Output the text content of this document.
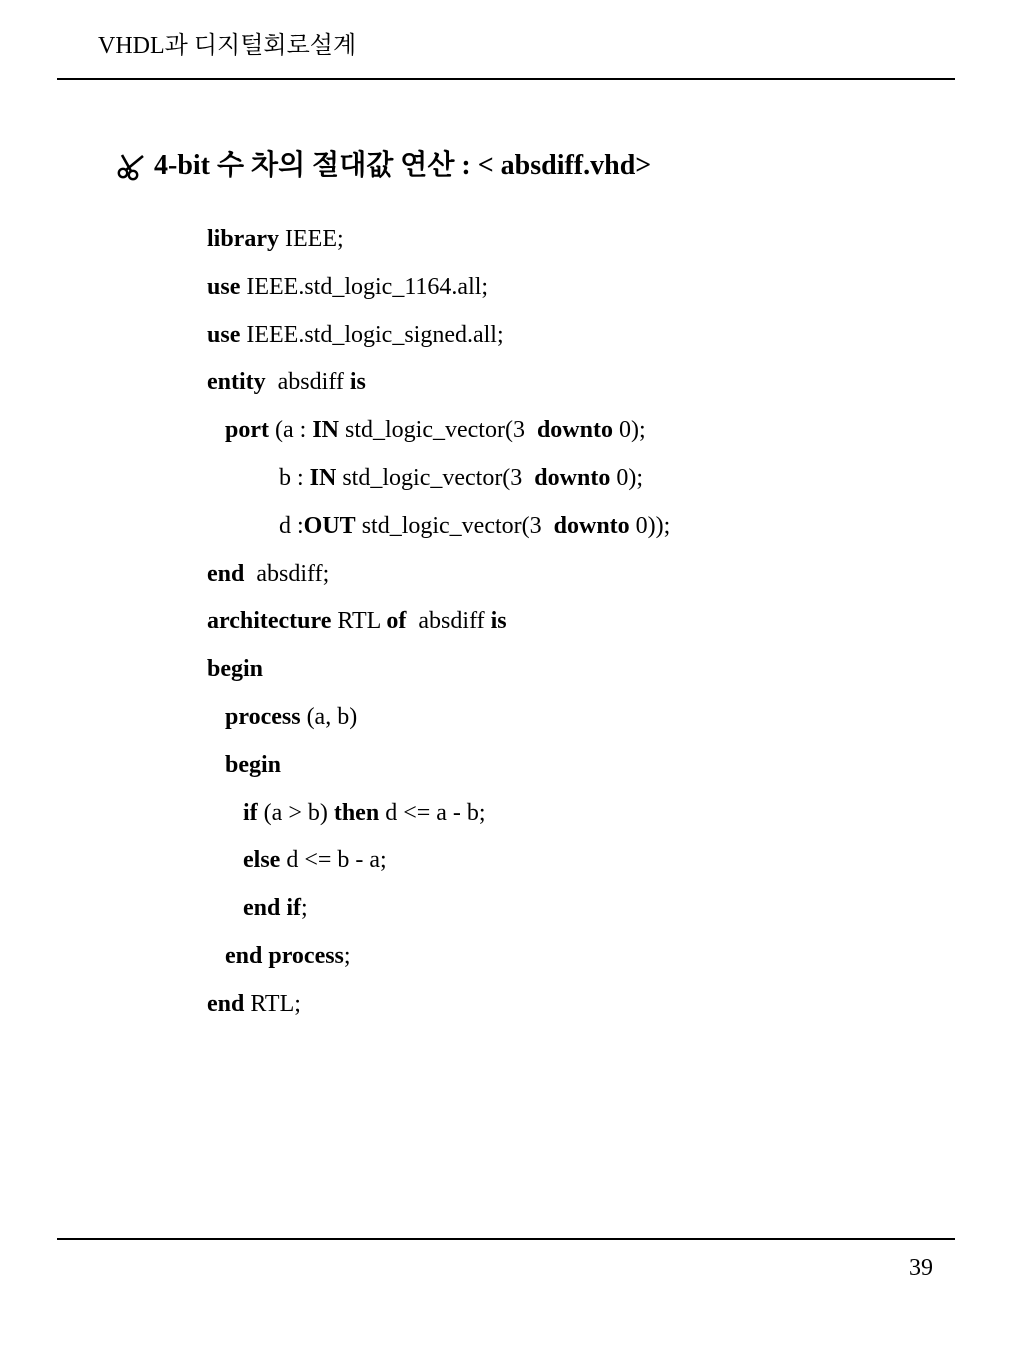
VHDL과 디지털회로설계
4-bit 수 차의 절대값 연산 : < absdiff.vhd>
library IEEE;
use IEEE.std_logic_1164.all;
use IEEE.std_logic_signed.all;
entity  absdiff is
port (a : IN std_logic_vector(3  downto 0);
b : IN std_logic_vector(3  downto 0);
d :OUT std_logic_vector(3  downto 0));
end  absdiff;
architecture RTL of  absdiff is
begin
process (a, b)
begin
if (a > b) then d <= a - b;
else d <= b - a;
end if;
end process;
end RTL;
39
